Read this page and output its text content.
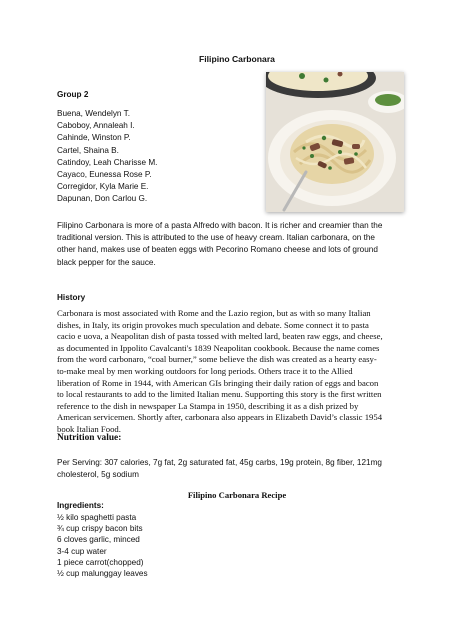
Filipino Carbonara
Group 2
Buena, Wendelyn T.
Caboboy, Annaleah I.
Cahinde, Winston P.
Cartel, Shaina B.
Catindoy, Leah Charisse M.
Cayaco, Eunessa Rose P.
Corregidor, Kyla Marie E.
Dapunan, Don Carlou G.
Filipino Carbonara is more of a pasta Alfredo with bacon. It is richer and creamier than the
traditional version. This is attributed to the use of heavy cream. Italian carbonara, on the
other hand, makes use of beaten eggs with Pecorino Romano cheese and lots of ground
black pepper for the sauce.
History
Carbonara is most associated with Rome and the Lazio region, but as with so many Italian
dishes, in Italy, its origin provokes much speculation and debate. Some connect it to pasta
cacio e uova, a Neapolitan dish of pasta tossed with melted lard, beaten raw eggs, and cheese,
as documented in Ippolito Cavalcanti's 1839 Neapolitan cookbook. Because the name comes
from the word carbonaro, “coal burner,” some believe the dish was created as a hearty easy-
to-make meal by men working outdoors for long periods. Others trace it to the Allied
liberation of Rome in 1944, with American GIs bringing their daily ration of eggs and bacon
to local restaurants to add to the limited Italian menu. Supporting this story is the first written
reference to the dish in newspaper La Stampa in 1950, describing it as a dish prized by
American servicemen. Shortly after, carbonara also appears in Elizabeth David’s classic 1954
book Italian Food.
Nutrition value:
Per Serving: 307 calories, 7g fat, 2g saturated fat, 45g carbs, 19g protein, 8g fiber, 121mg
cholesterol, 5g sodium
Filipino Carbonara Recipe
Ingredients:
½ kilo spaghetti pasta
¾ cup crispy bacon bits
6 cloves garlic, minced
3-4 cup water
1 piece carrot(chopped)
½ cup malunggay leaves
